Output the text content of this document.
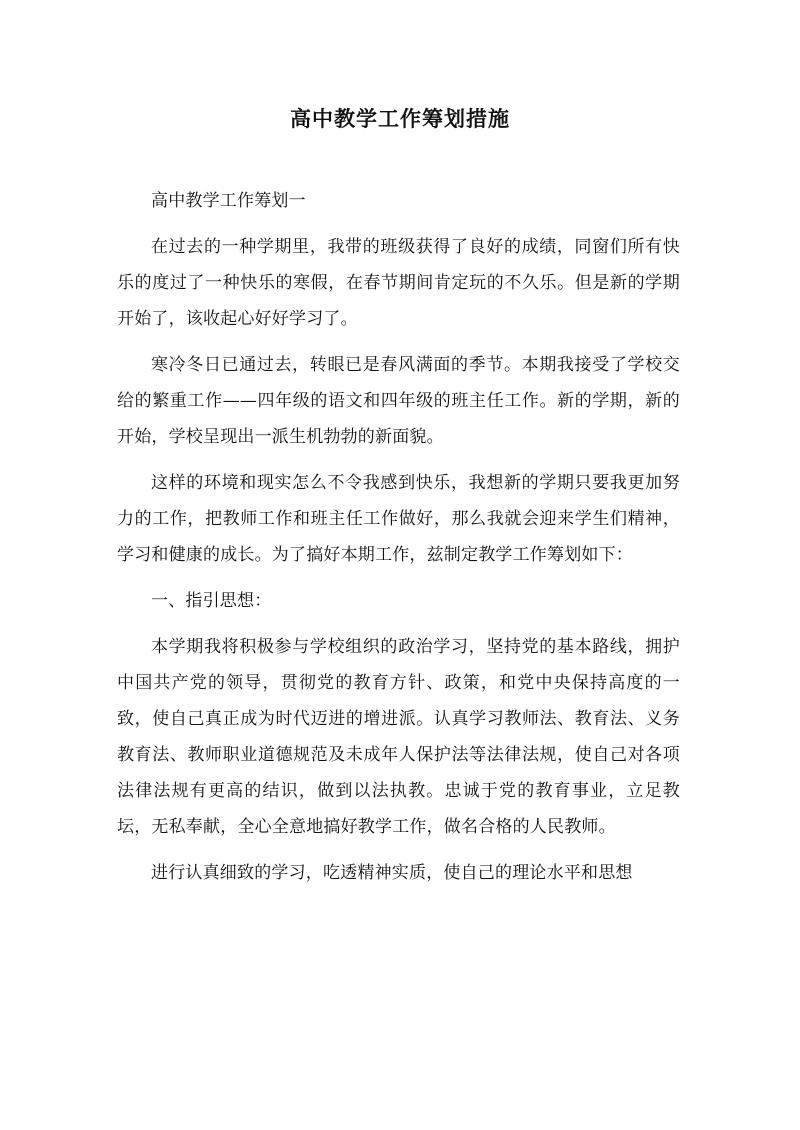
高中教学工作筹划措施

高中教学工作筹划一

在过去的一种学期里，我带的班级获得了良好的成绩，同窗们所有快乐的度过了一种快乐的寒假，在春节期间肯定玩的不久乐。但是新的学期开始了，该收起心好好学习了。

寒冷冬日已通过去，转眼已是春风满面的季节。本期我接受了学校交给的繁重工作——四年级的语文和四年级的班主任工作。新的学期，新的开始，学校呈现出一派生机勃勃的新面貌。

这样的环境和现实怎么不令我感到快乐，我想新的学期只要我更加努力的工作，把教师工作和班主任工作做好，那么我就会迎来学生们精神，学习和健康的成长。为了搞好本期工作，兹制定教学工作筹划如下：

一、指引思想：

本学期我将积极参与学校组织的政治学习，坚持党的基本路线，拥护中国共产党的领导，贯彻党的教育方针、政策，和党中央保持高度的一致，使自己真正成为时代迈进的增进派。认真学习教师法、教育法、义务教育法、教师职业道德规范及未成年人保护法等法律法规，使自己对各项法律法规有更高的结识，做到以法执教。忠诚于党的教育事业，立足教坛，无私奉献，全心全意地搞好教学工作，做名合格的人民教师。

进行认真细致的学习，吃透精神实质，使自己的理论水平和思想
